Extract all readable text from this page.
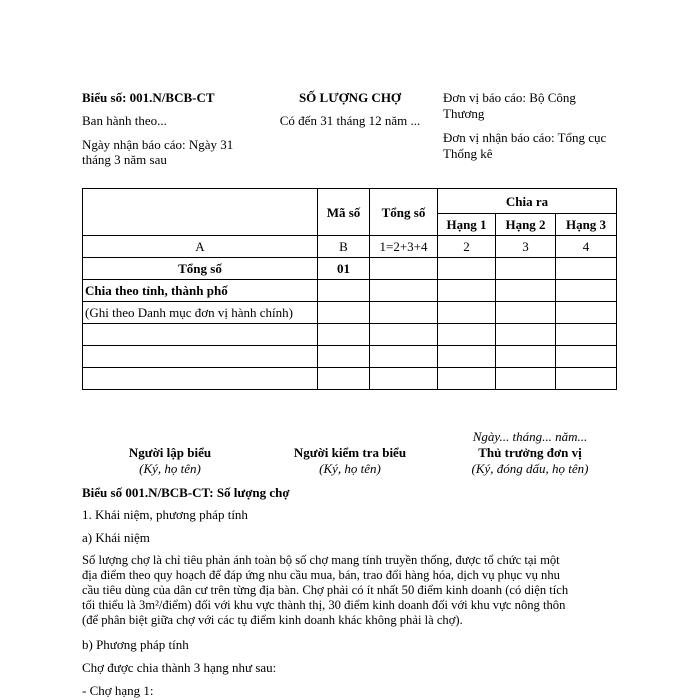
Biểu số: 001.N/BCB-CT
Ban hành theo...
Ngày nhận báo cáo: Ngày 31
tháng 3 năm sau
SỐ LƯỢNG CHỢ
Có đến 31 tháng 12 năm ...
Đơn vị báo cáo: Bộ Công
Thương
Đơn vị nhận báo cáo: Tổng cục
Thống kê
	Mã số	Tổng số	Chia ra		
			Hạng 1	Hạng 2	Hạng 3
A	B	1=2+3+4	2	3	4
Tổng số	01				
Chia theo tỉnh, thành phố					
(Ghi theo Danh mục đơn vị hành chính)					

Ngày... tháng... năm...
Người lập biểu
(Ký, họ tên)
Người kiểm tra biểu
(Ký, họ tên)
Thủ trưởng đơn vị
(Ký, đóng dấu, họ tên)
Biểu số 001.N/BCB-CT: Số lượng chợ
1. Khái niệm, phương pháp tính
a) Khái niệm
Số lượng chợ là chỉ tiêu phản ánh toàn bộ số chợ mang tính truyền thống, được tổ chức tại một
địa điểm theo quy hoạch để đáp ứng nhu cầu mua, bán, trao đổi hàng hóa, dịch vụ phục vụ nhu
cầu tiêu dùng của dân cư trên từng địa bàn. Chợ phải có ít nhất 50 điểm kinh doanh (có diện tích
tối thiểu là 3m²/điểm) đối với khu vực thành thị, 30 điểm kinh doanh đối với khu vực nông thôn
(để phân biệt giữa chợ với các tụ điểm kinh doanh khác không phải là chợ).
b) Phương pháp tính
Chợ được chia thành 3 hạng như sau:
- Chợ hạng 1:
